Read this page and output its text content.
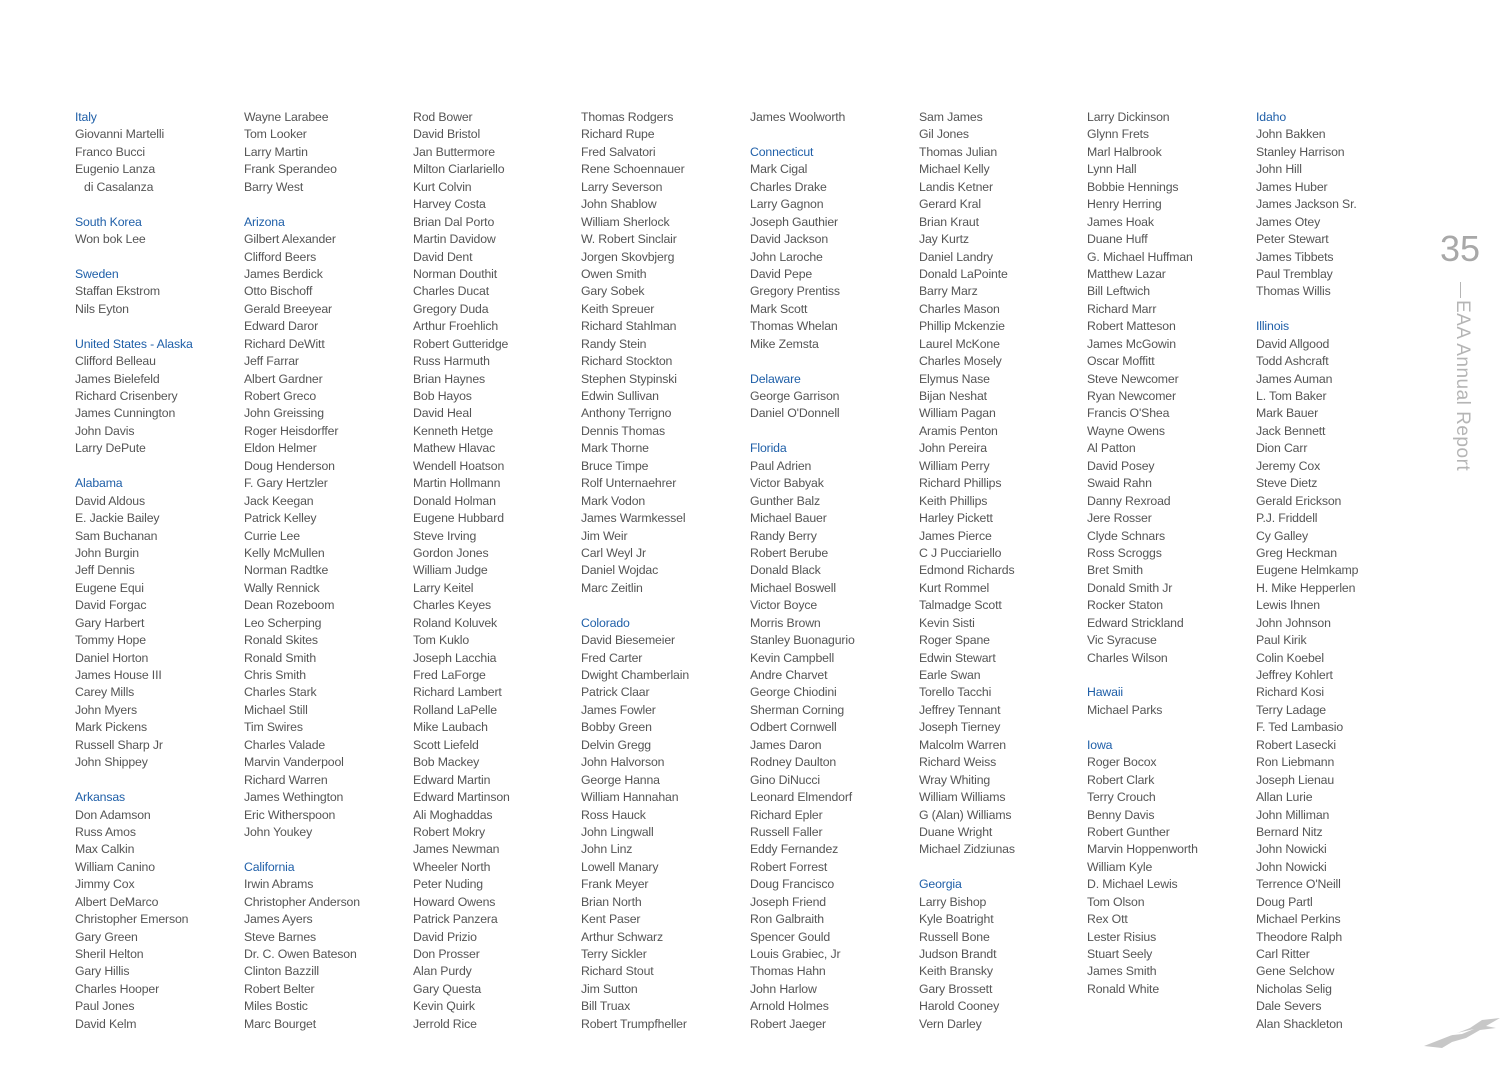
Italy
Giovanni Martelli
Franco Bucci
Eugenio Lanza
di Casalanza
South Korea
Won bok Lee
Sweden
Staffan Ekstrom
Nils Eyton
United States - Alaska
Clifford Belleau
James Bielefeld
Richard Crisenbery
James Cunnington
John Davis
Larry DePute
Alabama
David Aldous
E. Jackie Bailey
Sam Buchanan
John Burgin
Jeff Dennis
Eugene Equi
David Forgac
Gary Harbert
Tommy Hope
Daniel Horton
James House III
Carey Mills
John Myers
Mark Pickens
Russell Sharp Jr
John Shippey
Arkansas
Don Adamson
Russ Amos
Max Calkin
William Canino
Jimmy Cox
Albert DeMarco
Christopher Emerson
Gary Green
Sheril Helton
Gary Hillis
Charles Hooper
Paul Jones
David Kelm
Wayne Larabee
Tom Looker
Larry Martin
Frank Sperandeo
Barry West
Arizona
Gilbert Alexander
Clifford Beers
James Berdick
Otto Bischoff
Gerald Breeyear
Edward Daror
Richard DeWitt
Jeff Farrar
Albert Gardner
Robert Greco
John Greissing
Roger Heisdorffer
Eldon Helmer
Doug Henderson
F. Gary Hertzler
Jack Keegan
Patrick Kelley
Currie Lee
Kelly McMullen
Norman Radtke
Wally Rennick
Dean Rozeboom
Leo Scherping
Ronald Skites
Ronald Smith
Chris Smith
Charles Stark
Michael Still
Tim Swires
Charles Valade
Marvin Vanderpool
Richard Warren
James Wethington
Eric Witherspoon
John Youkey
California
Irwin Abrams
Christopher Anderson
James Ayers
Steve Barnes
Dr. C. Owen Bateson
Clinton Bazzill
Robert Belter
Miles Bostic
Marc Bourget
Rod Bower
David Bristol
Jan Buttermore
Milton Ciarlariello
Kurt Colvin
Harvey Costa
Brian Dal Porto
Martin Davidow
David Dent
Norman Douthit
Charles Ducat
Gregory Duda
Arthur Froehlich
Robert Gutteridge
Russ Harmuth
Brian Haynes
Bob Hayos
David Heal
Kenneth Hetge
Mathew Hlavac
Wendell Hoatson
Martin Hollmann
Donald Holman
Eugene Hubbard
Steve Irving
Gordon Jones
William Judge
Larry Keitel
Charles Keyes
Roland Koluvek
Tom Kuklo
Joseph Lacchia
Fred LaForge
Richard Lambert
Rolland LaPelle
Mike Laubach
Scott Liefeld
Bob Mackey
Edward Martin
Edward Martinson
Ali Moghaddas
Robert Mokry
James Newman
Wheeler North
Peter Nuding
Howard Owens
Patrick Panzera
David Prizio
Don Prosser
Alan Purdy
Gary Questa
Kevin Quirk
Jerrold Rice
Thomas Rodgers
Richard Rupe
Fred Salvatori
Rene Schoennauer
Larry Severson
John Shablow
William Sherlock
W. Robert Sinclair
Jorgen Skovbjerg
Owen Smith
Gary Sobek
Keith Spreuer
Richard Stahlman
Randy Stein
Richard Stockton
Stephen Stypinski
Edwin Sullivan
Anthony Terrigno
Dennis Thomas
Mark Thorne
Bruce Timpe
Rolf Unternaehrer
Mark Vodon
James Warmkessel
Jim Weir
Carl Weyl Jr
Daniel Wojdac
Marc Zeitlin
Colorado
David Biesemeier
Fred Carter
Dwight Chamberlain
Patrick Claar
James Fowler
Bobby Green
Delvin Gregg
John Halvorson
George Hanna
William Hannahan
Ross Hauck
John Lingwall
John Linz
Lowell Manary
Frank Meyer
Brian North
Kent Paser
Arthur Schwarz
Terry Sickler
Richard Stout
Jim Sutton
Bill Truax
Robert Trumpfheller
James Woolworth
Connecticut
Mark Cigal
Charles Drake
Larry Gagnon
Joseph Gauthier
David Jackson
John Laroche
David Pepe
Gregory Prentiss
Mark Scott
Thomas Whelan
Mike Zemsta
Delaware
George Garrison
Daniel O'Donnell
Florida
Paul Adrien
Victor Babyak
Gunther Balz
Michael Bauer
Randy Berry
Robert Berube
Donald Black
Michael Boswell
Victor Boyce
Morris Brown
Stanley Buonagurio
Kevin Campbell
Andre Charvet
George Chiodini
Sherman Corning
Odbert Cornwell
James Daron
Rodney Daulton
Gino DiNucci
Leonard Elmendorf
Richard Epler
Russell Faller
Eddy Fernandez
Robert Forrest
Doug Francisco
Joseph Friend
Ron Galbraith
Spencer Gould
Louis Grabiec, Jr
Thomas Hahn
John Harlow
Arnold Holmes
Robert Jaeger
Sam James
Gil Jones
Thomas Julian
Michael Kelly
Landis Ketner
Gerard Kral
Brian Kraut
Jay Kurtz
Daniel Landry
Donald LaPointe
Barry Marz
Charles Mason
Phillip Mckenzie
Laurel McKone
Charles Mosely
Elymus Nase
Bijan Neshat
William Pagan
Aramis Penton
John Pereira
William Perry
Richard Phillips
Keith Phillips
Harley Pickett
James Pierce
C J Pucciariello
Edmond Richards
Kurt Rommel
Talmadge Scott
Kevin Sisti
Roger Spane
Edwin Stewart
Earle Swan
Torello Tacchi
Jeffrey Tennant
Joseph Tierney
Malcolm Warren
Richard Weiss
Wray Whiting
William Williams
G (Alan) Williams
Duane Wright
Michael Zidziunas
Georgia
Larry Bishop
Kyle Boatright
Russell Bone
Judson Brandt
Keith Bransky
Gary Brossett
Harold Cooney
Vern Darley
Larry Dickinson
Glynn Frets
Marl Halbrook
Lynn Hall
Bobbie Hennings
Henry Herring
James Hoak
Duane Huff
G. Michael Huffman
Matthew Lazar
Bill Leftwich
Richard Marr
Robert Matteson
James McGowin
Oscar Moffitt
Steve Newcomer
Ryan Newcomer
Francis O'Shea
Wayne Owens
Al Patton
David Posey
Swaid Rahn
Danny Rexroad
Jere Rosser
Clyde Schnars
Ross Scroggs
Bret Smith
Donald Smith Jr
Rocker Staton
Edward Strickland
Vic Syracuse
Charles Wilson
Hawaii
Michael Parks
Iowa
Roger Bocox
Robert Clark
Terry Crouch
Benny Davis
Robert Gunther
Marvin Hoppenworth
William Kyle
D. Michael Lewis
Tom Olson
Rex Ott
Lester Risius
Stuart Seely
James Smith
Ronald White
Idaho
John Bakken
Stanley Harrison
John Hill
James Huber
James Jackson Sr.
James Otey
Peter Stewart
James Tibbets
Paul Tremblay
Thomas Willis
Illinois
David Allgood
Todd Ashcraft
James Auman
L. Tom Baker
Mark Bauer
Jack Bennett
Dion Carr
Jeremy Cox
Steve Dietz
Gerald Erickson
P.J. Friddell
Cy Galley
Greg Heckman
Eugene Helmkamp
H. Mike Hepperlen
Lewis Ihnen
John Johnson
Paul Kirik
Colin Koebel
Jeffrey Kohlert
Richard Kosi
Terry Ladage
F. Ted Lambasio
Robert Lasecki
Ron Liebmann
Joseph Lienau
Allan Lurie
John Milliman
Bernard Nitz
John Nowicki
John Nowicki
Terrence O'Neill
Doug Partl
Michael Perkins
Theodore Ralph
Carl Ritter
Gene Selchow
Nicholas Selig
Dale Severs
Alan Shackleton
35
EAA Annual Report
